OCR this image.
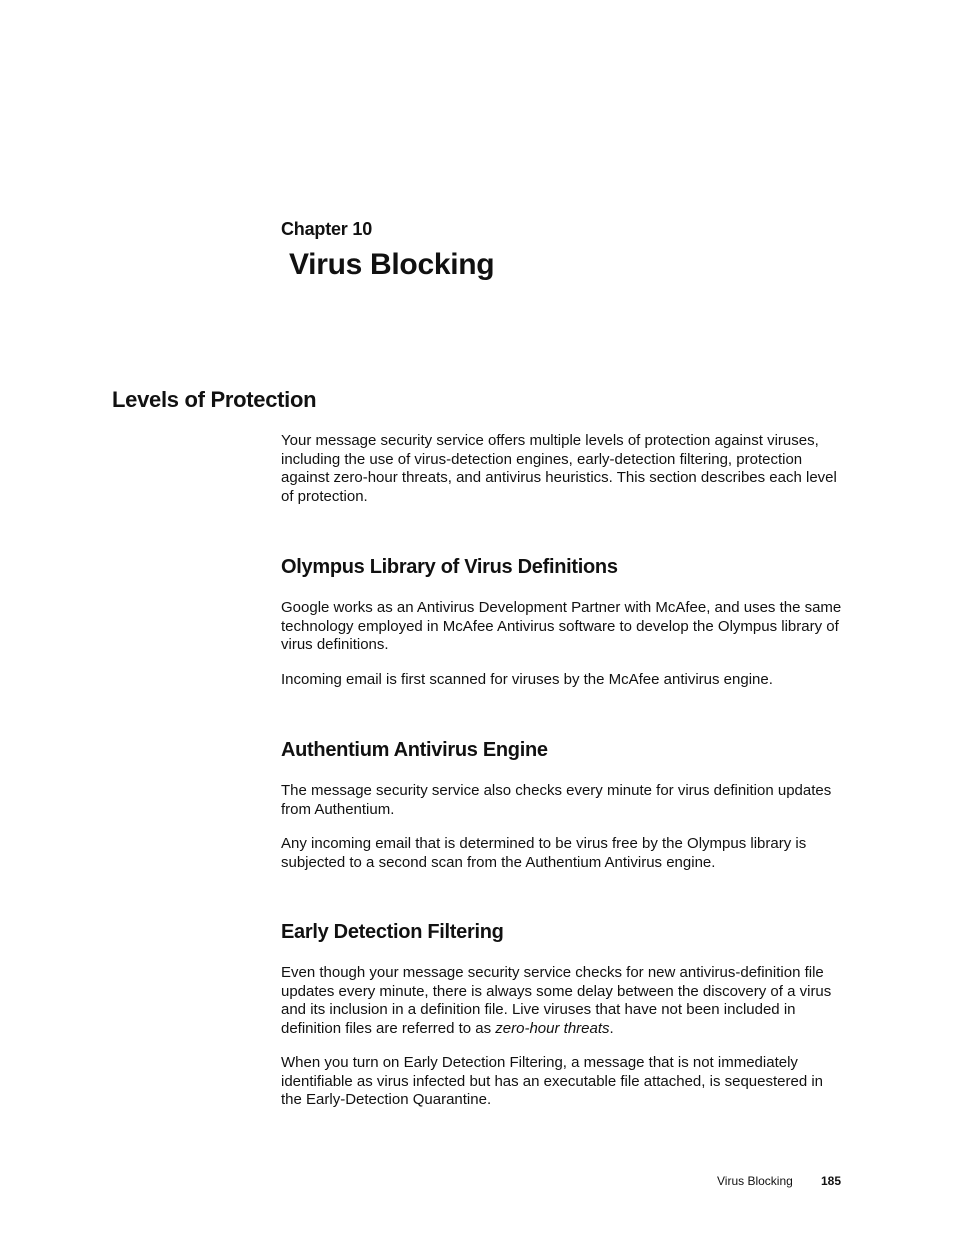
Chapter 10
Virus Blocking
Levels of Protection
Your message security service offers multiple levels of protection against viruses, including the use of virus-detection engines, early-detection filtering, protection against zero-hour threats, and antivirus heuristics. This section describes each level of protection.
Olympus Library of Virus Definitions
Google works as an Antivirus Development Partner with McAfee, and uses the same technology employed in McAfee Antivirus software to develop the Olympus library of virus definitions.
Incoming email is first scanned for viruses by the McAfee antivirus engine.
Authentium Antivirus Engine
The message security service also checks every minute for virus definition updates from Authentium.
Any incoming email that is determined to be virus free by the Olympus library is subjected to a second scan from the Authentium Antivirus engine.
Early Detection Filtering
Even though your message security service checks for new antivirus-definition file updates every minute, there is always some delay between the discovery of a virus and its inclusion in a definition file. Live viruses that have not been included in definition files are referred to as zero-hour threats.
When you turn on Early Detection Filtering, a message that is not immediately identifiable as virus infected but has an executable file attached, is sequestered in the Early-Detection Quarantine.
Virus Blocking 185
